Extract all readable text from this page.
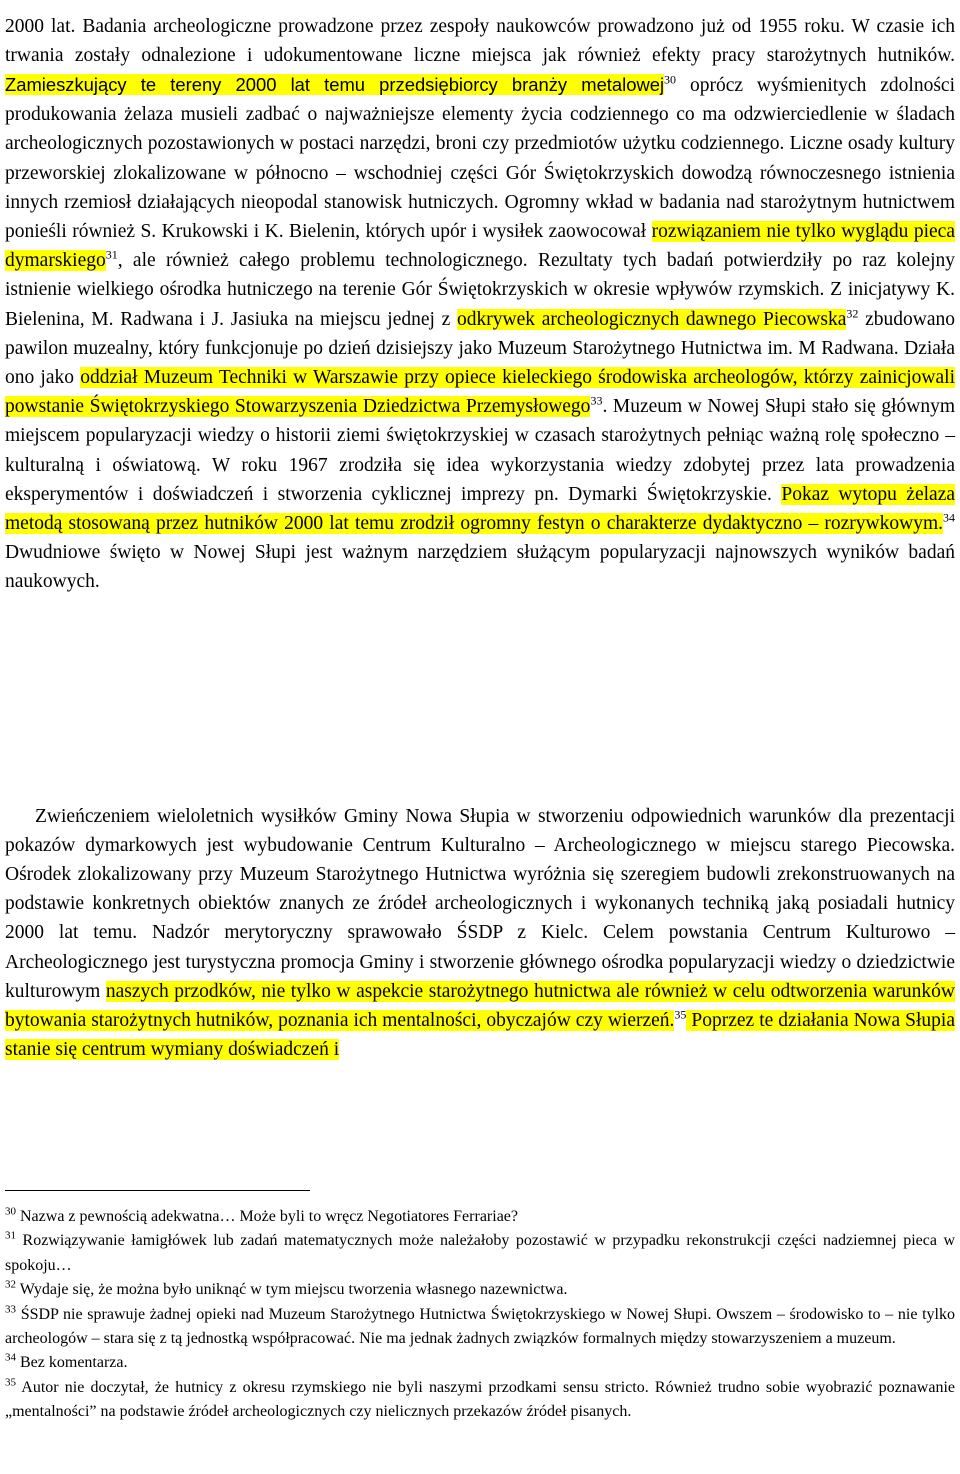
2000 lat. Badania archeologiczne prowadzone przez zespoły naukowców prowadzono już od 1955 roku. W czasie ich trwania zostały odnalezione i udokumentowane liczne miejsca jak również efekty pracy starożytnych hutników. Zamieszkujący te tereny 2000 lat temu przedsiębiorcy branży metalowej$^{30}$ oprócz wyśmienitych zdolności produkowania żelaza musieli zadbać o najważniejsze elementy życia codziennego co ma odzwierciedlenie w śladach archeologicznych pozostawionych w postaci narzędzi, broni czy przedmiotów użytku codziennego. Liczne osady kultury przeworskiej zlokalizowane w północno – wschodniej części Gór Świętokrzyskich dowodzą równoczesnego istnienia innych rzemiosł działających nieopodal stanowisk hutniczych. Ogromny wkład w badania nad starożytnym hutnictwem ponieśli również S. Krukowski i K. Bielenin, których upór i wysiłek zaowocował rozwiązaniem nie tylko wyglądu pieca dymarskiego$^{31}$, ale również całego problemu technologicznego. Rezultaty tych badań potwierdziły po raz kolejny istnienie wielkiego ośrodka hutniczego na terenie Gór Świętokrzyskich w okresie wpływów rzymskich. Z inicjatywy K. Bielenina, M. Radwana i J. Jasiuka na miejscu jednej z odkrywek archeologicznych dawnego Piecowska$^{32}$ zbudowano pawilon muzealny, który funkcjonuje po dzień dzisiejszy jako Muzeum Starożytnego Hutnictwa im. M Radwana. Działa ono jako oddział Muzeum Techniki w Warszawie przy opiece kieleckiego środowiska archeologów, którzy zainicjowali powstanie Świętokrzyskiego Stowarzyszenia Dziedzictwa Przemysłowego$^{33}$. Muzeum w Nowej Słupi stało się głównym miejscem popularyzacji wiedzy o historii ziemi świętokrzyskiej w czasach starożytnych pełniąc ważną rolę społeczno – kulturalną i oświatową. W roku 1967 zrodziła się idea wykorzystania wiedzy zdobytej przez lata prowadzenia eksperymentów i doświadczeń i stworzenia cyklicznej imprezy pn. Dymarki Świętokrzyskie. Pokaz wytopu żelaza metodą stosowaną przez hutników 2000 lat temu zrodził ogromny festyn o charakterze dydaktyczno – rozrywkowym.$^{34}$ Dwudniowe święto w Nowej Słupi jest ważnym narzędziem służącym popularyzacji najnowszych wyników badań naukowych.

Zwieńczeniem wieloletnich wysiłków Gminy Nowa Słupia w stworzeniu odpowiednich warunków dla prezentacji pokazów dymarkowych jest wybudowanie Centrum Kulturalno – Archeologicznego w miejscu starego Piecowska. Ośrodek zlokalizowany przy Muzeum Starożytnego Hutnictwa wyróżnia się szeregiem budowli zrekonstruowanych na podstawie konkretnych obiektów znanych ze źródeł archeologicznych i wykonanych techniką jaką posiadali hutnicy 2000 lat temu. Nadzór merytoryczny sprawowało ŚSDP z Kielc. Celem powstania Centrum Kulturowo – Archeologicznego jest turystyczna promocja Gminy i stworzenie głównego ośrodka popularyzacji wiedzy o dziedzictwie kulturowym naszych przodków, nie tylko w aspekcie starożytnego hutnictwa ale również w celu odtworzenia warunków bytowania starożytnych hutników, poznania ich mentalności, obyczajów czy wierzeń.$^{35}$ Poprzez te działania Nowa Słupia stanie się centrum wymiany doświadczeń i

$^{30}$ Nazwa z pewnością adekwatna… Może byli to wręcz Negotiatores Ferrariae?
$^{31}$ Rozwiązywanie łamigłówek lub zadań matematycznych może należałoby pozostawić w przypadku rekonstrukcji części nadziemnej pieca w spokoju…
$^{32}$ Wydaje się, że można było uniknąć w tym miejscu tworzenia własnego nazewnictwa.
$^{33}$ ŚSDP nie sprawuje żadnej opieki nad Muzeum Starożytnego Hutnictwa Świętokrzyskiego w Nowej Słupi. Owszem – środowisko to – nie tylko archeologów – stara się z tą jednostką współpracować. Nie ma jednak żadnych związków formalnych między stowarzyszeniem a muzeum.
$^{34}$ Bez komentarza.
$^{35}$ Autor nie doczytał, że hutnicy z okresu rzymskiego nie byli naszymi przodkami sensu stricto. Również trudno sobie wyobrazić poznawanie „mentalności” na podstawie źródeł archeologicznych czy nielicznych przekazów źródeł pisanych.
